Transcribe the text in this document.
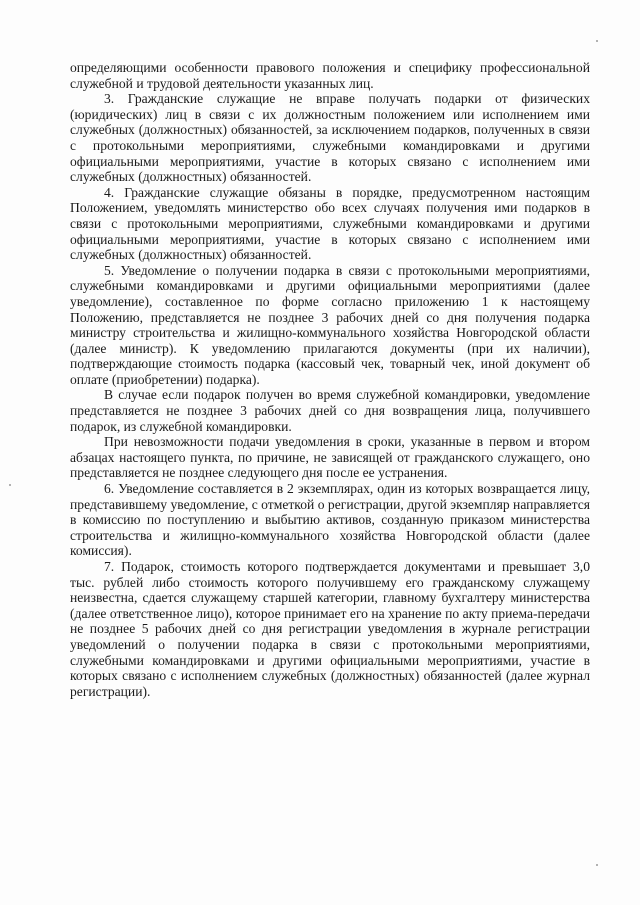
определяющими особенности правового положения и специфику профессиональной служебной и трудовой деятельности указанных лиц.

3. Гражданские служащие не вправе получать подарки от физических (юридических) лиц в связи с их должностным положением или исполнением ими служебных (должностных) обязанностей, за исключением подарков, полученных в связи с протокольными мероприятиями, служебными командировками и другими официальными мероприятиями, участие в которых связано с исполнением ими служебных (должностных) обязанностей.

4. Гражданские служащие обязаны в порядке, предусмотренном настоящим Положением, уведомлять министерство обо всех случаях получения ими подарков в связи с протокольными мероприятиями, служебными командировками и другими официальными мероприятиями, участие в которых связано с исполнением ими служебных (должностных) обязанностей.

5. Уведомление о получении подарка в связи с протокольными мероприятиями, служебными командировками и другими официальными мероприятиями (далее уведомление), составленное по форме согласно приложению 1 к настоящему Положению, представляется не позднее 3 рабочих дней со дня получения подарка министру строительства и жилищно-коммунального хозяйства Новгородской области (далее министр). К уведомлению прилагаются документы (при их наличии), подтверждающие стоимость подарка (кассовый чек, товарный чек, иной документ об оплате (приобретении) подарка).

В случае если подарок получен во время служебной командировки, уведомление представляется не позднее 3 рабочих дней со дня возвращения лица, получившего подарок, из служебной командировки.

При невозможности подачи уведомления в сроки, указанные в первом и втором абзацах настоящего пункта, по причине, не зависящей от гражданского служащего, оно представляется не позднее следующего дня после ее устранения.

6. Уведомление составляется в 2 экземплярах, один из которых возвращается лицу, представившему уведомление, с отметкой о регистрации, другой экземпляр направляется в комиссию по поступлению и выбытию активов, созданную приказом министерства строительства и жилищно-коммунального хозяйства Новгородской области (далее комиссия).

7. Подарок, стоимость которого подтверждается документами и превышает 3,0 тыс. рублей либо стоимость которого получившему его гражданскому служащему неизвестна, сдается служащему старшей категории, главному бухгалтеру министерства (далее ответственное лицо), которое принимает его на хранение по акту приема-передачи не позднее 5 рабочих дней со дня регистрации уведомления в журнале регистрации уведомлений о получении подарка в связи с протокольными мероприятиями, служебными командировками и другими официальными мероприятиями, участие в которых связано с исполнением служебных (должностных) обязанностей (далее журнал регистрации).
